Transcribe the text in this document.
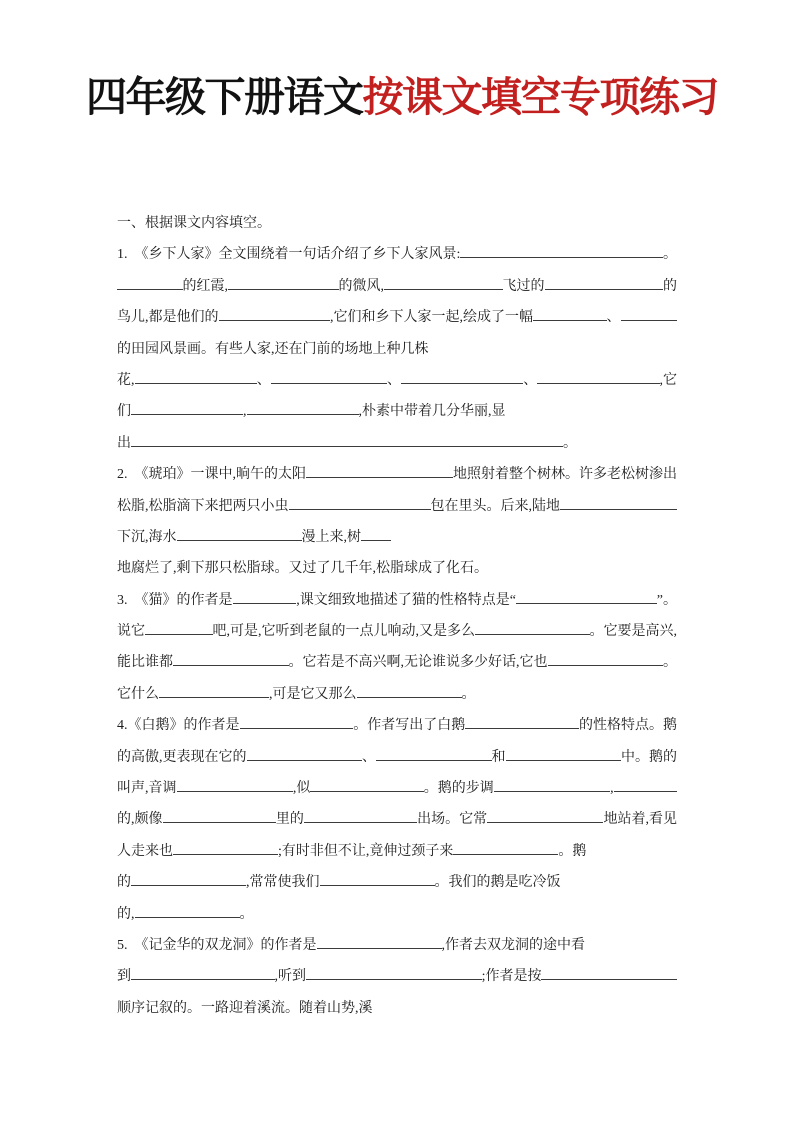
四年级下册语文按课文填空专项练习
一、根据课文内容填空。
1.  《乡下人家》全文围绕着一句话介绍了乡下人家风景:	。
的红霞,	的微风,	飞过的	的
鸟儿,都是他们的	,它们和乡下人家一起,绘成了一幅	、
的田园风景画。有些人家,还在门前的场地上种几株
花,	、	、	、	,它
们	,	,朴素中带着几分华丽,显
出	。
2.  《琥珀》一课中,晌午的太阳	地照射着整个树林。许多老松树渗出
松脂,松脂滴下来把两只小虫	包在里头。后来,陆地
下沉,海水	漫上来,树
地腐烂了,剩下那只松脂球。又过了几千年,松脂球成了化石。
3.  《猫》的作者是	,课文细致地描述了猫的性格特点是“	”。
说它	吧,可是,它听到老鼠的一点儿响动,又是多么	。它要是高兴,
能比谁都	。它若是不高兴啊,无论谁说多少好话,它也	。
它什么	,可是它又那么	。
4.《白鹅》的作者是	。作者写出了白鹅	的性格特点。鹅
的高傲,更表现在它的	、	和	中。鹅的
叫声,音调	,似	。鹅的步调	,
的,颇像	里的	出场。它常	地站着,看见
人走来也	;有时非但不让,竟伸过颈子来	。鹅
的	,常常使我们	。我们的鹅是吃冷饭
的,	。
5.  《记金华的双龙洞》的作者是	,作者去双龙洞的途中看
到	,听到	;作者是按
顺序记叙的。一路迎着溪流。随着山势,溪
